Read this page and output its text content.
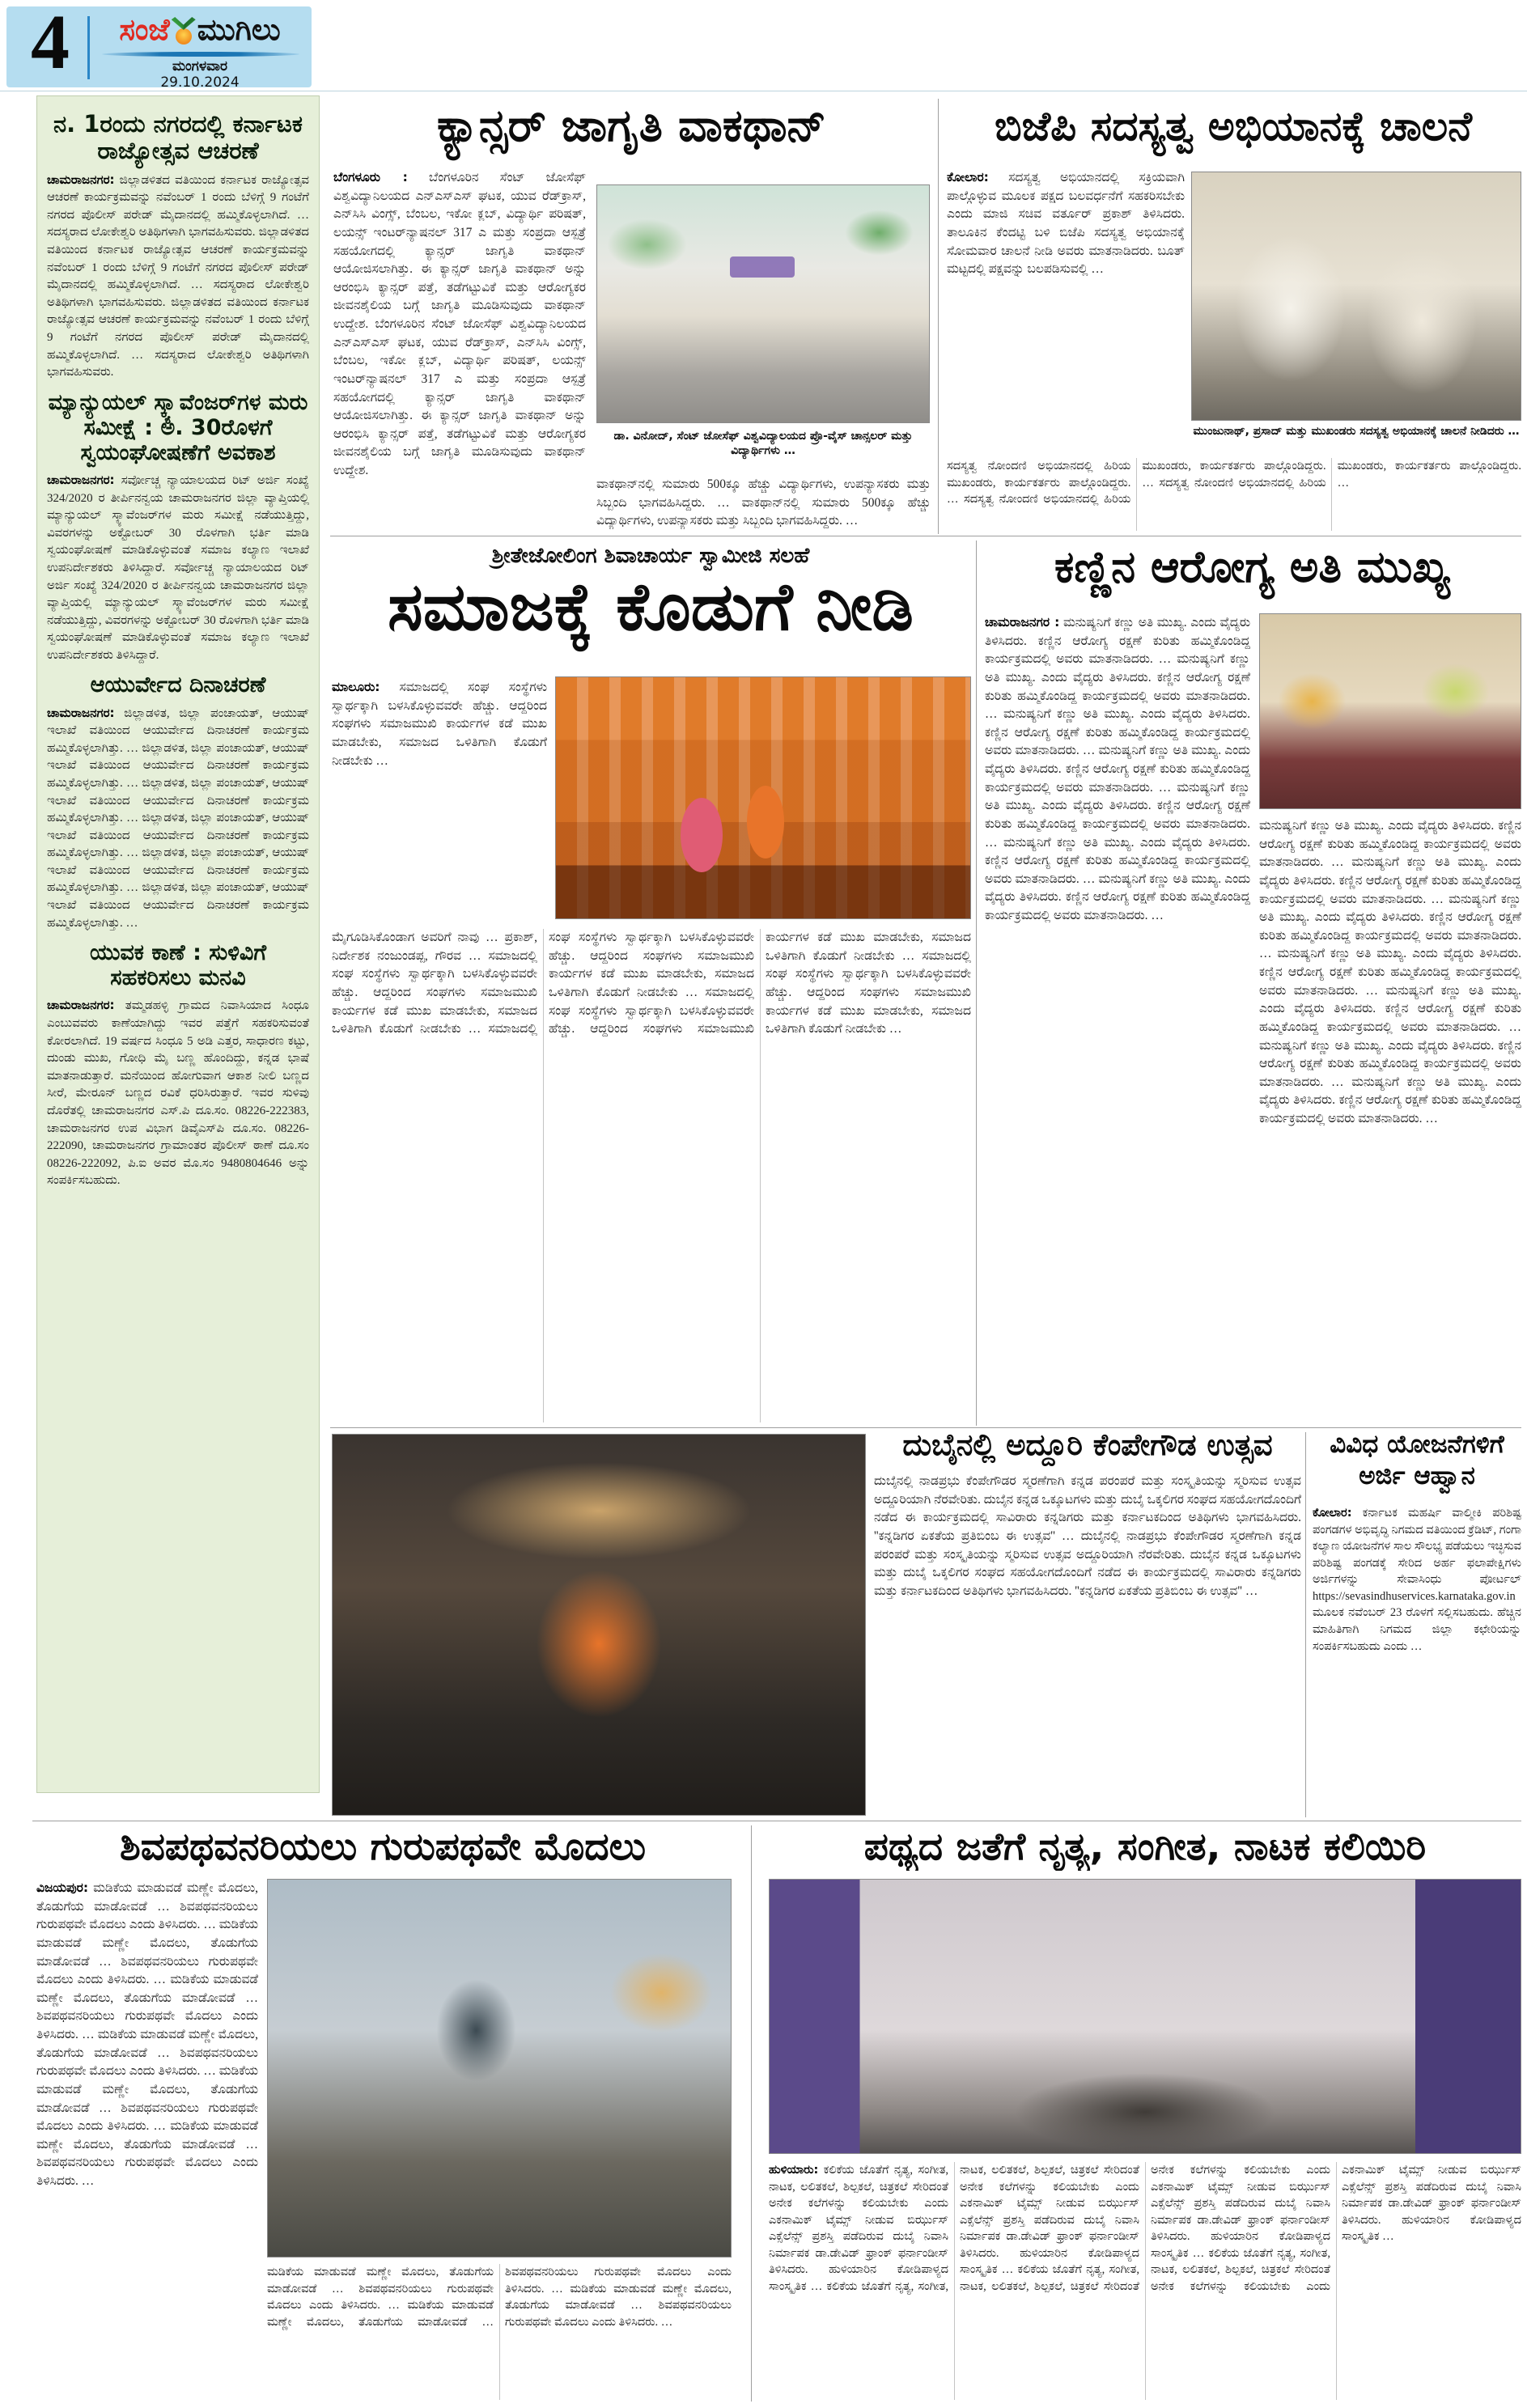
4	ಸಂಜೆ ಮುಗಿಲು
ಮಂಗಳವಾರ
29.10.2024
ನ. 1ರಂದು ನಗರದಲ್ಲಿ ಕರ್ನಾಟಕ ರಾಜ್ಯೋತ್ಸವ ಆಚರಣೆ

ಚಾಮರಾಜನಗರ: ಜಿಲ್ಲಾಡಳಿತದ ವತಿಯಿಂದ ಕರ್ನಾಟಕ ರಾಜ್ಯೋತ್ಸವ ಆಚರಣೆ ಕಾರ್ಯಕ್ರಮವನ್ನು ನವೆಂಬರ್ 1 ರಂದು ಬೆಳಿಗ್ಗೆ 9 ಗಂಟೆಗೆ ನಗರದ ಪೊಲೀಸ್ ಪರೇಡ್ ಮೈದಾನದಲ್ಲಿ ಹಮ್ಮಿಕೊಳ್ಳಲಾಗಿದೆ. … ಸದಸ್ಯರಾದ ಲೋಕೇಶ್ವರಿ ಅತಿಥಿಗಳಾಗಿ ಭಾಗವಹಿಸುವರು. ಜಿಲ್ಲಾಡಳಿತದ ವತಿಯಿಂದ ಕರ್ನಾಟಕ ರಾಜ್ಯೋತ್ಸವ ಆಚರಣೆ ಕಾರ್ಯಕ್ರಮವನ್ನು ನವೆಂಬರ್ 1 ರಂದು ಬೆಳಿಗ್ಗೆ 9 ಗಂಟೆಗೆ ನಗರದ ಪೊಲೀಸ್ ಪರೇಡ್ ಮೈದಾನದಲ್ಲಿ ಹಮ್ಮಿಕೊಳ್ಳಲಾಗಿದೆ. … ಸದಸ್ಯರಾದ ಲೋಕೇಶ್ವರಿ ಅತಿಥಿಗಳಾಗಿ ಭಾಗವಹಿಸುವರು. ಜಿಲ್ಲಾಡಳಿತದ ವತಿಯಿಂದ ಕರ್ನಾಟಕ ರಾಜ್ಯೋತ್ಸವ ಆಚರಣೆ ಕಾರ್ಯಕ್ರಮವನ್ನು ನವೆಂಬರ್ 1 ರಂದು ಬೆಳಿಗ್ಗೆ 9 ಗಂಟೆಗೆ ನಗರದ ಪೊಲೀಸ್ ಪರೇಡ್ ಮೈದಾನದಲ್ಲಿ ಹಮ್ಮಿಕೊಳ್ಳಲಾಗಿದೆ. … ಸದಸ್ಯರಾದ ಲೋಕೇಶ್ವರಿ ಅತಿಥಿಗಳಾಗಿ ಭಾಗವಹಿಸುವರು.

ಮ್ಯಾನ್ಯುಯಲ್ ಸ್ಕ್ಯಾವೆಂಜರ್‌ಗಳ ಮರು ಸಮೀಕ್ಷೆ : ಅ. 30ರೊಳಗೆ ಸ್ವಯಂಘೋಷಣೆಗೆ ಅವಕಾಶ

ಚಾಮರಾಜನಗರ: ಸರ್ವೋಚ್ಚ ನ್ಯಾಯಾಲಯದ ರಿಟ್ ಅರ್ಜಿ ಸಂಖ್ಯೆ 324/2020 ರ ತೀರ್ಪಿನನ್ವಯ ಚಾಮರಾಜನಗರ ಜಿಲ್ಲಾ ವ್ಯಾಪ್ತಿಯಲ್ಲಿ ಮ್ಯಾನ್ಯುಯಲ್ ಸ್ಕ್ಯಾವೆಂಜರ್‌ಗಳ ಮರು ಸಮೀಕ್ಷೆ ನಡೆಯುತ್ತಿದ್ದು, ವಿವರಗಳನ್ನು ಅಕ್ಟೋಬರ್ 30 ರೊಳಗಾಗಿ ಭರ್ತಿ ಮಾಡಿ ಸ್ವಯಂಘೋಷಣೆ ಮಾಡಿಕೊಳ್ಳುವಂತೆ ಸಮಾಜ ಕಲ್ಯಾಣ ಇಲಾಖೆ ಉಪನಿರ್ದೇಶಕರು ತಿಳಿಸಿದ್ದಾರೆ. ಸರ್ವೋಚ್ಚ ನ್ಯಾಯಾಲಯದ ರಿಟ್ ಅರ್ಜಿ ಸಂಖ್ಯೆ 324/2020 ರ ತೀರ್ಪಿನನ್ವಯ ಚಾಮರಾಜನಗರ ಜಿಲ್ಲಾ ವ್ಯಾಪ್ತಿಯಲ್ಲಿ ಮ್ಯಾನ್ಯುಯಲ್ ಸ್ಕ್ಯಾವೆಂಜರ್‌ಗಳ ಮರು ಸಮೀಕ್ಷೆ ನಡೆಯುತ್ತಿದ್ದು, ವಿವರಗಳನ್ನು ಅಕ್ಟೋಬರ್ 30 ರೊಳಗಾಗಿ ಭರ್ತಿ ಮಾಡಿ ಸ್ವಯಂಘೋಷಣೆ ಮಾಡಿಕೊಳ್ಳುವಂತೆ ಸಮಾಜ ಕಲ್ಯಾಣ ಇಲಾಖೆ ಉಪನಿರ್ದೇಶಕರು ತಿಳಿಸಿದ್ದಾರೆ.

ಆಯುರ್ವೇದ ದಿನಾಚರಣೆ

ಚಾಮರಾಜನಗರ: ಜಿಲ್ಲಾಡಳಿತ, ಜಿಲ್ಲಾ ಪಂಚಾಯತ್, ಆಯುಷ್ ಇಲಾಖೆ ವತಿಯಿಂದ ಆಯುರ್ವೇದ ದಿನಾಚರಣೆ ಕಾರ್ಯಕ್ರಮ ಹಮ್ಮಿಕೊಳ್ಳಲಾಗಿತ್ತು. … ಜಿಲ್ಲಾಡಳಿತ, ಜಿಲ್ಲಾ ಪಂಚಾಯತ್, ಆಯುಷ್ ಇಲಾಖೆ ವತಿಯಿಂದ ಆಯುರ್ವೇದ ದಿನಾಚರಣೆ ಕಾರ್ಯಕ್ರಮ ಹಮ್ಮಿಕೊಳ್ಳಲಾಗಿತ್ತು. … ಜಿಲ್ಲಾಡಳಿತ, ಜಿಲ್ಲಾ ಪಂಚಾಯತ್, ಆಯುಷ್ ಇಲಾಖೆ ವತಿಯಿಂದ ಆಯುರ್ವೇದ ದಿನಾಚರಣೆ ಕಾರ್ಯಕ್ರಮ ಹಮ್ಮಿಕೊಳ್ಳಲಾಗಿತ್ತು. … ಜಿಲ್ಲಾಡಳಿತ, ಜಿಲ್ಲಾ ಪಂಚಾಯತ್, ಆಯುಷ್ ಇಲಾಖೆ ವತಿಯಿಂದ ಆಯುರ್ವೇದ ದಿನಾಚರಣೆ ಕಾರ್ಯಕ್ರಮ ಹಮ್ಮಿಕೊಳ್ಳಲಾಗಿತ್ತು. … ಜಿಲ್ಲಾಡಳಿತ, ಜಿಲ್ಲಾ ಪಂಚಾಯತ್, ಆಯುಷ್ ಇಲಾಖೆ ವತಿಯಿಂದ ಆಯುರ್ವೇದ ದಿನಾಚರಣೆ ಕಾರ್ಯಕ್ರಮ ಹಮ್ಮಿಕೊಳ್ಳಲಾಗಿತ್ತು. … ಜಿಲ್ಲಾಡಳಿತ, ಜಿಲ್ಲಾ ಪಂಚಾಯತ್, ಆಯುಷ್ ಇಲಾಖೆ ವತಿಯಿಂದ ಆಯುರ್ವೇದ ದಿನಾಚರಣೆ ಕಾರ್ಯಕ್ರಮ ಹಮ್ಮಿಕೊಳ್ಳಲಾಗಿತ್ತು. …

ಯುವಕ ಕಾಣೆ : ಸುಳಿವಿಗೆ ಸಹಕರಿಸಲು ಮನವಿ

ಚಾಮರಾಜನಗರ: ತಮ್ಮಡಹಳ್ಳಿ ಗ್ರಾಮದ ನಿವಾಸಿಯಾದ ಸಿಂಧೂ ಎಂಬುವವರು ಕಾಣೆಯಾಗಿದ್ದು ಇವರ ಪತ್ತೆಗೆ ಸಹಕರಿಸುವಂತೆ ಕೋರಲಾಗಿದೆ. 19 ವರ್ಷದ ಸಿಂಧೂ 5 ಅಡಿ ಎತ್ತರ, ಸಾಧಾರಣ ಕಟ್ಟು, ದುಂಡು ಮುಖ, ಗೋಧಿ ಮೈ ಬಣ್ಣ ಹೊಂದಿದ್ದು, ಕನ್ನಡ ಭಾಷೆ ಮಾತನಾಡುತ್ತಾರೆ. ಮನೆಯಿಂದ ಹೋಗುವಾಗ ಆಕಾಶ ನೀಲಿ ಬಣ್ಣದ ಸೀರೆ, ಮೇರೂನ್ ಬಣ್ಣದ ರವಿಕೆ ಧರಿಸಿರುತ್ತಾರೆ. ಇವರ ಸುಳಿವು ದೊರೆತಲ್ಲಿ ಚಾಮರಾಜನಗರ ಎಸ್.ಪಿ ದೂ.ಸಂ. 08226-222383, ಚಾಮರಾಜನಗರ ಉಪ ವಿಭಾಗ ಡಿವೈಎಸ್‌ಪಿ ದೂ.ಸಂ. 08226-222090, ಚಾಮರಾಜನಗರ ಗ್ರಾಮಾಂತರ ಪೊಲೀಸ್ ಠಾಣೆ ದೂ.ಸಂ 08226-222092, ಪಿ.ಐ ಅವರ ಮೊ.ಸಂ 9480804646 ಅನ್ನು ಸಂಪರ್ಕಿಸಬಹುದು.

ಕ್ಯಾನ್ಸರ್ ಜಾಗೃತಿ ವಾಕಥಾನ್
ಬೆಂಗಳೂರು : ಬೆಂಗಳೂರಿನ ಸೆಂಟ್ ಜೋಸೆಫ್ ವಿಶ್ವವಿದ್ಯಾನಿಲಯದ ಎನ್‌ಎಸ್‌ಎಸ್ ಘಟಕ, ಯುವ ರೆಡ್‌ಕ್ರಾಸ್, ಎನ್‌ಸಿಸಿ ವಿಂಗ್ಸ್, ಬೆಂಬಲ, ಇಕೋ ಕ್ಲಬ್, ವಿದ್ಯಾರ್ಥಿ ಪರಿಷತ್, ಲಯನ್ಸ್ ಇಂಟರ್‌ನ್ಯಾಷನಲ್ 317 ಎ ಮತ್ತು ಸಂಪ್ರದಾ ಆಸ್ಪತ್ರೆ ಸಹಯೋಗದಲ್ಲಿ ಕ್ಯಾನ್ಸರ್ ಜಾಗೃತಿ ವಾಕಥಾನ್ ಆಯೋಜಿಸಲಾಗಿತ್ತು. ಈ ಕ್ಯಾನ್ಸರ್ ಜಾಗೃತಿ ವಾಕಥಾನ್ ಅನ್ನು ಆರಂಭಿಸಿ ಕ್ಯಾನ್ಸರ್ ಪತ್ತೆ, ತಡೆಗಟ್ಟುವಿಕೆ ಮತ್ತು ಆರೋಗ್ಯಕರ ಜೀವನಶೈಲಿಯ ಬಗ್ಗೆ ಜಾಗೃತಿ ಮೂಡಿಸುವುದು ವಾಕಥಾನ್ ಉದ್ದೇಶ. ಬೆಂಗಳೂರಿನ ಸೆಂಟ್ ಜೋಸೆಫ್ ವಿಶ್ವವಿದ್ಯಾನಿಲಯದ ಎನ್‌ಎಸ್‌ಎಸ್ ಘಟಕ, ಯುವ ರೆಡ್‌ಕ್ರಾಸ್, ಎನ್‌ಸಿಸಿ ವಿಂಗ್ಸ್, ಬೆಂಬಲ, ಇಕೋ ಕ್ಲಬ್, ವಿದ್ಯಾರ್ಥಿ ಪರಿಷತ್, ಲಯನ್ಸ್ ಇಂಟರ್‌ನ್ಯಾಷನಲ್ 317 ಎ ಮತ್ತು ಸಂಪ್ರದಾ ಆಸ್ಪತ್ರೆ ಸಹಯೋಗದಲ್ಲಿ ಕ್ಯಾನ್ಸರ್ ಜಾಗೃತಿ ವಾಕಥಾನ್ ಆಯೋಜಿಸಲಾಗಿತ್ತು. ಈ ಕ್ಯಾನ್ಸರ್ ಜಾಗೃತಿ ವಾಕಥಾನ್ ಅನ್ನು ಆರಂಭಿಸಿ ಕ್ಯಾನ್ಸರ್ ಪತ್ತೆ, ತಡೆಗಟ್ಟುವಿಕೆ ಮತ್ತು ಆರೋಗ್ಯಕರ ಜೀವನಶೈಲಿಯ ಬಗ್ಗೆ ಜಾಗೃತಿ ಮೂಡಿಸುವುದು ವಾಕಥಾನ್ ಉದ್ದೇಶ.
ಡಾ. ವಿನೋದ್, ಸೆಂಟ್ ಜೋಸೆಫ್ ವಿಶ್ವವಿದ್ಯಾಲಯದ ಪ್ರೊ-ವೈಸ್ ಚಾನ್ಸಲರ್ ಮತ್ತು ವಿದ್ಯಾರ್ಥಿಗಳು …
ವಾಕಥಾನ್‌ನಲ್ಲಿ ಸುಮಾರು 500ಕ್ಕೂ ಹೆಚ್ಚು ವಿದ್ಯಾರ್ಥಿಗಳು, ಉಪನ್ಯಾಸಕರು ಮತ್ತು ಸಿಬ್ಬಂದಿ ಭಾಗವಹಿಸಿದ್ದರು. … ವಾಕಥಾನ್‌ನಲ್ಲಿ ಸುಮಾರು 500ಕ್ಕೂ ಹೆಚ್ಚು ವಿದ್ಯಾರ್ಥಿಗಳು, ಉಪನ್ಯಾಸಕರು ಮತ್ತು ಸಿಬ್ಬಂದಿ ಭಾಗವಹಿಸಿದ್ದರು. …
ಬಿಜೆಪಿ ಸದಸ್ಯತ್ವ ಅಭಿಯಾನಕ್ಕೆ ಚಾಲನೆ
ಕೋಲಾರ: ಸದಸ್ಯತ್ವ ಅಭಿಯಾನದಲ್ಲಿ ಸಕ್ರಿಯವಾಗಿ ಪಾಲ್ಗೊಳ್ಳುವ ಮೂಲಕ ಪಕ್ಷದ ಬಲವರ್ಧನೆಗೆ ಸಹಕರಿಸಬೇಕು ಎಂದು ಮಾಜಿ ಸಚಿವ ವರ್ತೂರ್ ಪ್ರಕಾಶ್ ತಿಳಿಸಿದರು. ತಾಲೂಕಿನ ಕೆಂದಟ್ಟಿ ಬಳಿ ಬಿಜೆಪಿ ಸದಸ್ಯತ್ವ ಅಭಿಯಾನಕ್ಕೆ ಸೋಮವಾರ ಚಾಲನೆ ನೀಡಿ ಅವರು ಮಾತನಾಡಿದರು. ಬೂತ್ ಮಟ್ಟದಲ್ಲಿ ಪಕ್ಷವನ್ನು ಬಲಪಡಿಸುವಲ್ಲಿ …
ಮುಂಜುನಾಥ್, ಪ್ರಸಾದ್ ಮತ್ತು ಮುಖಂಡರು ಸದಸ್ಯತ್ವ ಅಭಿಯಾನಕ್ಕೆ ಚಾಲನೆ ನೀಡಿದರು …
ಸದಸ್ಯತ್ವ ನೋಂದಣಿ ಅಭಿಯಾನದಲ್ಲಿ ಹಿರಿಯ ಮುಖಂಡರು, ಕಾರ್ಯಕರ್ತರು ಪಾಲ್ಗೊಂಡಿದ್ದರು. … ಸದಸ್ಯತ್ವ ನೋಂದಣಿ ಅಭಿಯಾನದಲ್ಲಿ ಹಿರಿಯ ಮುಖಂಡರು, ಕಾರ್ಯಕರ್ತರು ಪಾಲ್ಗೊಂಡಿದ್ದರು. … ಸದಸ್ಯತ್ವ ನೋಂದಣಿ ಅಭಿಯಾನದಲ್ಲಿ ಹಿರಿಯ ಮುಖಂಡರು, ಕಾರ್ಯಕರ್ತರು ಪಾಲ್ಗೊಂಡಿದ್ದರು. …
ಶ್ರೀತೇಜೋಲಿಂಗ ಶಿವಾಚಾರ್ಯ ಸ್ವಾಮೀಜಿ ಸಲಹೆ
ಸಮಾಜಕ್ಕೆ ಕೊಡುಗೆ ನೀಡಿ
ಮಾಲೂರು: ಸಮಾಜದಲ್ಲಿ ಸಂಘ ಸಂಸ್ಥೆಗಳು ಸ್ವಾರ್ಥಕ್ಕಾಗಿ ಬಳಸಿಕೊಳ್ಳುವವರೇ ಹೆಚ್ಚು. ಆದ್ದರಿಂದ ಸಂಘಗಳು ಸಮಾಜಮುಖಿ ಕಾರ್ಯಗಳ ಕಡೆ ಮುಖ ಮಾಡಬೇಕು, ಸಮಾಜದ ಒಳಿತಿಗಾಗಿ ಕೊಡುಗೆ ನೀಡಬೇಕು …
ಮೈಗೂಡಿಸಿಕೊಂಡಾಗ ಅವರಿಗೆ ನಾವು … ಪ್ರಕಾಶ್, ನಿರ್ದೇಶಕ ನಂಜುಂಡಪ್ಪ, ಗೌರವ … ಸಮಾಜದಲ್ಲಿ ಸಂಘ ಸಂಸ್ಥೆಗಳು ಸ್ವಾರ್ಥಕ್ಕಾಗಿ ಬಳಸಿಕೊಳ್ಳುವವರೇ ಹೆಚ್ಚು. ಆದ್ದರಿಂದ ಸಂಘಗಳು ಸಮಾಜಮುಖಿ ಕಾರ್ಯಗಳ ಕಡೆ ಮುಖ ಮಾಡಬೇಕು, ಸಮಾಜದ ಒಳಿತಿಗಾಗಿ ಕೊಡುಗೆ ನೀಡಬೇಕು … ಸಮಾಜದಲ್ಲಿ ಸಂಘ ಸಂಸ್ಥೆಗಳು ಸ್ವಾರ್ಥಕ್ಕಾಗಿ ಬಳಸಿಕೊಳ್ಳುವವರೇ ಹೆಚ್ಚು. ಆದ್ದರಿಂದ ಸಂಘಗಳು ಸಮಾಜಮುಖಿ ಕಾರ್ಯಗಳ ಕಡೆ ಮುಖ ಮಾಡಬೇಕು, ಸಮಾಜದ ಒಳಿತಿಗಾಗಿ ಕೊಡುಗೆ ನೀಡಬೇಕು … ಸಮಾಜದಲ್ಲಿ ಸಂಘ ಸಂಸ್ಥೆಗಳು ಸ್ವಾರ್ಥಕ್ಕಾಗಿ ಬಳಸಿಕೊಳ್ಳುವವರೇ ಹೆಚ್ಚು. ಆದ್ದರಿಂದ ಸಂಘಗಳು ಸಮಾಜಮುಖಿ ಕಾರ್ಯಗಳ ಕಡೆ ಮುಖ ಮಾಡಬೇಕು, ಸಮಾಜದ ಒಳಿತಿಗಾಗಿ ಕೊಡುಗೆ ನೀಡಬೇಕು … ಸಮಾಜದಲ್ಲಿ ಸಂಘ ಸಂಸ್ಥೆಗಳು ಸ್ವಾರ್ಥಕ್ಕಾಗಿ ಬಳಸಿಕೊಳ್ಳುವವರೇ ಹೆಚ್ಚು. ಆದ್ದರಿಂದ ಸಂಘಗಳು ಸಮಾಜಮುಖಿ ಕಾರ್ಯಗಳ ಕಡೆ ಮುಖ ಮಾಡಬೇಕು, ಸಮಾಜದ ಒಳಿತಿಗಾಗಿ ಕೊಡುಗೆ ನೀಡಬೇಕು …
ಕಣ್ಣಿನ ಆರೋಗ್ಯ ಅತಿ ಮುಖ್ಯ
ಚಾಮರಾಜನಗರ : ಮನುಷ್ಯನಿಗೆ ಕಣ್ಣು ಅತಿ ಮುಖ್ಯ. ಎಂದು ವೈದ್ಯರು ತಿಳಿಸಿದರು. ಕಣ್ಣಿನ ಆರೋಗ್ಯ ರಕ್ಷಣೆ ಕುರಿತು ಹಮ್ಮಿಕೊಂಡಿದ್ದ ಕಾರ್ಯಕ್ರಮದಲ್ಲಿ ಅವರು ಮಾತನಾಡಿದರು. … ಮನುಷ್ಯನಿಗೆ ಕಣ್ಣು ಅತಿ ಮುಖ್ಯ. ಎಂದು ವೈದ್ಯರು ತಿಳಿಸಿದರು. ಕಣ್ಣಿನ ಆರೋಗ್ಯ ರಕ್ಷಣೆ ಕುರಿತು ಹಮ್ಮಿಕೊಂಡಿದ್ದ ಕಾರ್ಯಕ್ರಮದಲ್ಲಿ ಅವರು ಮಾತನಾಡಿದರು. … ಮನುಷ್ಯನಿಗೆ ಕಣ್ಣು ಅತಿ ಮುಖ್ಯ. ಎಂದು ವೈದ್ಯರು ತಿಳಿಸಿದರು. ಕಣ್ಣಿನ ಆರೋಗ್ಯ ರಕ್ಷಣೆ ಕುರಿತು ಹಮ್ಮಿಕೊಂಡಿದ್ದ ಕಾರ್ಯಕ್ರಮದಲ್ಲಿ ಅವರು ಮಾತನಾಡಿದರು. … ಮನುಷ್ಯನಿಗೆ ಕಣ್ಣು ಅತಿ ಮುಖ್ಯ. ಎಂದು ವೈದ್ಯರು ತಿಳಿಸಿದರು. ಕಣ್ಣಿನ ಆರೋಗ್ಯ ರಕ್ಷಣೆ ಕುರಿತು ಹಮ್ಮಿಕೊಂಡಿದ್ದ ಕಾರ್ಯಕ್ರಮದಲ್ಲಿ ಅವರು ಮಾತನಾಡಿದರು. … ಮನುಷ್ಯನಿಗೆ ಕಣ್ಣು ಅತಿ ಮುಖ್ಯ. ಎಂದು ವೈದ್ಯರು ತಿಳಿಸಿದರು. ಕಣ್ಣಿನ ಆರೋಗ್ಯ ರಕ್ಷಣೆ ಕುರಿತು ಹಮ್ಮಿಕೊಂಡಿದ್ದ ಕಾರ್ಯಕ್ರಮದಲ್ಲಿ ಅವರು ಮಾತನಾಡಿದರು. … ಮನುಷ್ಯನಿಗೆ ಕಣ್ಣು ಅತಿ ಮುಖ್ಯ. ಎಂದು ವೈದ್ಯರು ತಿಳಿಸಿದರು. ಕಣ್ಣಿನ ಆರೋಗ್ಯ ರಕ್ಷಣೆ ಕುರಿತು ಹಮ್ಮಿಕೊಂಡಿದ್ದ ಕಾರ್ಯಕ್ರಮದಲ್ಲಿ ಅವರು ಮಾತನಾಡಿದರು. … ಮನುಷ್ಯನಿಗೆ ಕಣ್ಣು ಅತಿ ಮುಖ್ಯ. ಎಂದು ವೈದ್ಯರು ತಿಳಿಸಿದರು. ಕಣ್ಣಿನ ಆರೋಗ್ಯ ರಕ್ಷಣೆ ಕುರಿತು ಹಮ್ಮಿಕೊಂಡಿದ್ದ ಕಾರ್ಯಕ್ರಮದಲ್ಲಿ ಅವರು ಮಾತನಾಡಿದರು. …
ಮನುಷ್ಯನಿಗೆ ಕಣ್ಣು ಅತಿ ಮುಖ್ಯ. ಎಂದು ವೈದ್ಯರು ತಿಳಿಸಿದರು. ಕಣ್ಣಿನ ಆರೋಗ್ಯ ರಕ್ಷಣೆ ಕುರಿತು ಹಮ್ಮಿಕೊಂಡಿದ್ದ ಕಾರ್ಯಕ್ರಮದಲ್ಲಿ ಅವರು ಮಾತನಾಡಿದರು. … ಮನುಷ್ಯನಿಗೆ ಕಣ್ಣು ಅತಿ ಮುಖ್ಯ. ಎಂದು ವೈದ್ಯರು ತಿಳಿಸಿದರು. ಕಣ್ಣಿನ ಆರೋಗ್ಯ ರಕ್ಷಣೆ ಕುರಿತು ಹಮ್ಮಿಕೊಂಡಿದ್ದ ಕಾರ್ಯಕ್ರಮದಲ್ಲಿ ಅವರು ಮಾತನಾಡಿದರು. … ಮನುಷ್ಯನಿಗೆ ಕಣ್ಣು ಅತಿ ಮುಖ್ಯ. ಎಂದು ವೈದ್ಯರು ತಿಳಿಸಿದರು. ಕಣ್ಣಿನ ಆರೋಗ್ಯ ರಕ್ಷಣೆ ಕುರಿತು ಹಮ್ಮಿಕೊಂಡಿದ್ದ ಕಾರ್ಯಕ್ರಮದಲ್ಲಿ ಅವರು ಮಾತನಾಡಿದರು. … ಮನುಷ್ಯನಿಗೆ ಕಣ್ಣು ಅತಿ ಮುಖ್ಯ. ಎಂದು ವೈದ್ಯರು ತಿಳಿಸಿದರು. ಕಣ್ಣಿನ ಆರೋಗ್ಯ ರಕ್ಷಣೆ ಕುರಿತು ಹಮ್ಮಿಕೊಂಡಿದ್ದ ಕಾರ್ಯಕ್ರಮದಲ್ಲಿ ಅವರು ಮಾತನಾಡಿದರು. … ಮನುಷ್ಯನಿಗೆ ಕಣ್ಣು ಅತಿ ಮುಖ್ಯ. ಎಂದು ವೈದ್ಯರು ತಿಳಿಸಿದರು. ಕಣ್ಣಿನ ಆರೋಗ್ಯ ರಕ್ಷಣೆ ಕುರಿತು ಹಮ್ಮಿಕೊಂಡಿದ್ದ ಕಾರ್ಯಕ್ರಮದಲ್ಲಿ ಅವರು ಮಾತನಾಡಿದರು. … ಮನುಷ್ಯನಿಗೆ ಕಣ್ಣು ಅತಿ ಮುಖ್ಯ. ಎಂದು ವೈದ್ಯರು ತಿಳಿಸಿದರು. ಕಣ್ಣಿನ ಆರೋಗ್ಯ ರಕ್ಷಣೆ ಕುರಿತು ಹಮ್ಮಿಕೊಂಡಿದ್ದ ಕಾರ್ಯಕ್ರಮದಲ್ಲಿ ಅವರು ಮಾತನಾಡಿದರು. … ಮನುಷ್ಯನಿಗೆ ಕಣ್ಣು ಅತಿ ಮುಖ್ಯ. ಎಂದು ವೈದ್ಯರು ತಿಳಿಸಿದರು. ಕಣ್ಣಿನ ಆರೋಗ್ಯ ರಕ್ಷಣೆ ಕುರಿತು ಹಮ್ಮಿಕೊಂಡಿದ್ದ ಕಾರ್ಯಕ್ರಮದಲ್ಲಿ ಅವರು ಮಾತನಾಡಿದರು. …
ದುಬೈನಲ್ಲಿ ಅದ್ದೂರಿ ಕೆಂಪೇಗೌಡ ಉತ್ಸವ
ದುಬೈನಲ್ಲಿ ನಾಡಪ್ರಭು ಕೆಂಪೇಗೌಡರ ಸ್ಮರಣೆಗಾಗಿ ಕನ್ನಡ ಪರಂಪರೆ ಮತ್ತು ಸಂಸ್ಕೃತಿಯನ್ನು ಸ್ಮರಿಸುವ ಉತ್ಸವ ಅದ್ದೂರಿಯಾಗಿ ನೆರವೇರಿತು. ದುಬೈನ ಕನ್ನಡ ಒಕ್ಕೂಟಗಳು ಮತ್ತು ದುಬೈ ಒಕ್ಕಲಿಗರ ಸಂಘದ ಸಹಯೋಗದೊಂದಿಗೆ ನಡೆದ ಈ ಕಾರ್ಯಕ್ರಮದಲ್ಲಿ ಸಾವಿರಾರು ಕನ್ನಡಿಗರು ಮತ್ತು ಕರ್ನಾಟಕದಿಂದ ಅತಿಥಿಗಳು ಭಾಗವಹಿಸಿದರು. ''ಕನ್ನಡಿಗರ ಏಕತೆಯ ಪ್ರತಿಬಿಂಬ ಈ ಉತ್ಸವ'' … ದುಬೈನಲ್ಲಿ ನಾಡಪ್ರಭು ಕೆಂಪೇಗೌಡರ ಸ್ಮರಣೆಗಾಗಿ ಕನ್ನಡ ಪರಂಪರೆ ಮತ್ತು ಸಂಸ್ಕೃತಿಯನ್ನು ಸ್ಮರಿಸುವ ಉತ್ಸವ ಅದ್ದೂರಿಯಾಗಿ ನೆರವೇರಿತು. ದುಬೈನ ಕನ್ನಡ ಒಕ್ಕೂಟಗಳು ಮತ್ತು ದುಬೈ ಒಕ್ಕಲಿಗರ ಸಂಘದ ಸಹಯೋಗದೊಂದಿಗೆ ನಡೆದ ಈ ಕಾರ್ಯಕ್ರಮದಲ್ಲಿ ಸಾವಿರಾರು ಕನ್ನಡಿಗರು ಮತ್ತು ಕರ್ನಾಟಕದಿಂದ ಅತಿಥಿಗಳು ಭಾಗವಹಿಸಿದರು. ''ಕನ್ನಡಿಗರ ಏಕತೆಯ ಪ್ರತಿಬಿಂಬ ಈ ಉತ್ಸವ'' …
ವಿವಿಧ ಯೋಜನೆಗಳಿಗೆ ಅರ್ಜಿ ಆಹ್ವಾನ
ಕೋಲಾರ: ಕರ್ನಾಟಕ ಮಹರ್ಷಿ ವಾಲ್ಮೀಕಿ ಪರಿಶಿಷ್ಟ ಪಂಗಡಗಳ ಅಭಿವೃದ್ಧಿ ನಿಗಮದ ವತಿಯಿಂದ ಕ್ರೆಡಿಟ್, ಗಂಗಾ ಕಲ್ಯಾಣ ಯೋಜನೆಗಳ ಸಾಲ ಸೌಲಭ್ಯ ಪಡೆಯಲು ಇಚ್ಛಿಸುವ ಪರಿಶಿಷ್ಟ ಪಂಗಡಕ್ಕೆ ಸೇರಿದ ಅರ್ಹ ಫಲಾಪೇಕ್ಷಿಗಳು ಅರ್ಜಿಗಳನ್ನು ಸೇವಾಸಿಂಧು ಪೋರ್ಟಲ್ https://sevasindhuservices.karnataka.gov.in ಮೂಲಕ ನವೆಂಬರ್ 23 ರೊಳಗೆ ಸಲ್ಲಿಸಬಹುದು. ಹೆಚ್ಚಿನ ಮಾಹಿತಿಗಾಗಿ ನಿಗಮದ ಜಿಲ್ಲಾ ಕಛೇರಿಯನ್ನು ಸಂಪರ್ಕಿಸಬಹುದು ಎಂದು …
ಶಿವಪಥವನರಿಯಲು ಗುರುಪಥವೇ ಮೊದಲು
ವಿಜಯಪುರ: ಮಡಿಕೆಯ ಮಾಡುವಡೆ ಮಣ್ಣೇ ಮೊದಲು, ತೊಡುಗೆಯ ಮಾಡೋವಡೆ … ಶಿವಪಥವನರಿಯಲು ಗುರುಪಥವೇ ಮೊದಲು ಎಂದು ತಿಳಿಸಿದರು. … ಮಡಿಕೆಯ ಮಾಡುವಡೆ ಮಣ್ಣೇ ಮೊದಲು, ತೊಡುಗೆಯ ಮಾಡೋವಡೆ … ಶಿವಪಥವನರಿಯಲು ಗುರುಪಥವೇ ಮೊದಲು ಎಂದು ತಿಳಿಸಿದರು. … ಮಡಿಕೆಯ ಮಾಡುವಡೆ ಮಣ್ಣೇ ಮೊದಲು, ತೊಡುಗೆಯ ಮಾಡೋವಡೆ … ಶಿವಪಥವನರಿಯಲು ಗುರುಪಥವೇ ಮೊದಲು ಎಂದು ತಿಳಿಸಿದರು. … ಮಡಿಕೆಯ ಮಾಡುವಡೆ ಮಣ್ಣೇ ಮೊದಲು, ತೊಡುಗೆಯ ಮಾಡೋವಡೆ … ಶಿವಪಥವನರಿಯಲು ಗುರುಪಥವೇ ಮೊದಲು ಎಂದು ತಿಳಿಸಿದರು. … ಮಡಿಕೆಯ ಮಾಡುವಡೆ ಮಣ್ಣೇ ಮೊದಲು, ತೊಡುಗೆಯ ಮಾಡೋವಡೆ … ಶಿವಪಥವನರಿಯಲು ಗುರುಪಥವೇ ಮೊದಲು ಎಂದು ತಿಳಿಸಿದರು. … ಮಡಿಕೆಯ ಮಾಡುವಡೆ ಮಣ್ಣೇ ಮೊದಲು, ತೊಡುಗೆಯ ಮಾಡೋವಡೆ … ಶಿವಪಥವನರಿಯಲು ಗುರುಪಥವೇ ಮೊದಲು ಎಂದು ತಿಳಿಸಿದರು. …
ಮಡಿಕೆಯ ಮಾಡುವಡೆ ಮಣ್ಣೇ ಮೊದಲು, ತೊಡುಗೆಯ ಮಾಡೋವಡೆ … ಶಿವಪಥವನರಿಯಲು ಗುರುಪಥವೇ ಮೊದಲು ಎಂದು ತಿಳಿಸಿದರು. … ಮಡಿಕೆಯ ಮಾಡುವಡೆ ಮಣ್ಣೇ ಮೊದಲು, ತೊಡುಗೆಯ ಮಾಡೋವಡೆ … ಶಿವಪಥವನರಿಯಲು ಗುರುಪಥವೇ ಮೊದಲು ಎಂದು ತಿಳಿಸಿದರು. … ಮಡಿಕೆಯ ಮಾಡುವಡೆ ಮಣ್ಣೇ ಮೊದಲು, ತೊಡುಗೆಯ ಮಾಡೋವಡೆ … ಶಿವಪಥವನರಿಯಲು ಗುರುಪಥವೇ ಮೊದಲು ಎಂದು ತಿಳಿಸಿದರು. …
ಪಥ್ಯದ ಜತೆಗೆ ನೃತ್ಯ, ಸಂಗೀತ, ನಾಟಕ ಕಲಿಯಿರಿ
ಹುಳಿಯಾರು: ಕಲಿಕೆಯ ಜೊತೆಗೆ ನೃತ್ಯ, ಸಂಗೀತ, ನಾಟಕ, ಲಲಿತಕಲೆ, ಶಿಲ್ಪಕಲೆ, ಚಿತ್ರಕಲೆ ಸೇರಿದಂತೆ ಅನೇಕ ಕಲೆಗಳನ್ನು ಕಲಿಯಬೇಕು ಎಂದು ಎಕನಾಮಿಕ್ ಟೈಮ್ಸ್ ನೀಡುವ ಬಿರ್ಝುಸ್ ಎಕ್ಸೆಲೆನ್ಸ್ ಪ್ರಶಸ್ತಿ ಪಡೆದಿರುವ ದುಬೈ ನಿವಾಸಿ ನಿರ್ಮಾಪಕ ಡಾ.ಡೇವಿಡ್ ಫ್ರಾಂಕ್ ಫರ್ನಾಂಡೀಸ್ ತಿಳಿಸಿದರು. ಹುಳಿಯಾರಿನ ಕೋಡಿಪಾಳ್ಯದ ಸಾಂಸ್ಕೃತಿಕ … ಕಲಿಕೆಯ ಜೊತೆಗೆ ನೃತ್ಯ, ಸಂಗೀತ, ನಾಟಕ, ಲಲಿತಕಲೆ, ಶಿಲ್ಪಕಲೆ, ಚಿತ್ರಕಲೆ ಸೇರಿದಂತೆ ಅನೇಕ ಕಲೆಗಳನ್ನು ಕಲಿಯಬೇಕು ಎಂದು ಎಕನಾಮಿಕ್ ಟೈಮ್ಸ್ ನೀಡುವ ಬಿರ್ಝುಸ್ ಎಕ್ಸೆಲೆನ್ಸ್ ಪ್ರಶಸ್ತಿ ಪಡೆದಿರುವ ದುಬೈ ನಿವಾಸಿ ನಿರ್ಮಾಪಕ ಡಾ.ಡೇವಿಡ್ ಫ್ರಾಂಕ್ ಫರ್ನಾಂಡೀಸ್ ತಿಳಿಸಿದರು. ಹುಳಿಯಾರಿನ ಕೋಡಿಪಾಳ್ಯದ ಸಾಂಸ್ಕೃತಿಕ … ಕಲಿಕೆಯ ಜೊತೆಗೆ ನೃತ್ಯ, ಸಂಗೀತ, ನಾಟಕ, ಲಲಿತಕಲೆ, ಶಿಲ್ಪಕಲೆ, ಚಿತ್ರಕಲೆ ಸೇರಿದಂತೆ ಅನೇಕ ಕಲೆಗಳನ್ನು ಕಲಿಯಬೇಕು ಎಂದು ಎಕನಾಮಿಕ್ ಟೈಮ್ಸ್ ನೀಡುವ ಬಿರ್ಝುಸ್ ಎಕ್ಸೆಲೆನ್ಸ್ ಪ್ರಶಸ್ತಿ ಪಡೆದಿರುವ ದುಬೈ ನಿವಾಸಿ ನಿರ್ಮಾಪಕ ಡಾ.ಡೇವಿಡ್ ಫ್ರಾಂಕ್ ಫರ್ನಾಂಡೀಸ್ ತಿಳಿಸಿದರು. ಹುಳಿಯಾರಿನ ಕೋಡಿಪಾಳ್ಯದ ಸಾಂಸ್ಕೃತಿಕ … ಕಲಿಕೆಯ ಜೊತೆಗೆ ನೃತ್ಯ, ಸಂಗೀತ, ನಾಟಕ, ಲಲಿತಕಲೆ, ಶಿಲ್ಪಕಲೆ, ಚಿತ್ರಕಲೆ ಸೇರಿದಂತೆ ಅನೇಕ ಕಲೆಗಳನ್ನು ಕಲಿಯಬೇಕು ಎಂದು ಎಕನಾಮಿಕ್ ಟೈಮ್ಸ್ ನೀಡುವ ಬಿರ್ಝುಸ್ ಎಕ್ಸೆಲೆನ್ಸ್ ಪ್ರಶಸ್ತಿ ಪಡೆದಿರುವ ದುಬೈ ನಿವಾಸಿ ನಿರ್ಮಾಪಕ ಡಾ.ಡೇವಿಡ್ ಫ್ರಾಂಕ್ ಫರ್ನಾಂಡೀಸ್ ತಿಳಿಸಿದರು. ಹುಳಿಯಾರಿನ ಕೋಡಿಪಾಳ್ಯದ ಸಾಂಸ್ಕೃತಿಕ …
